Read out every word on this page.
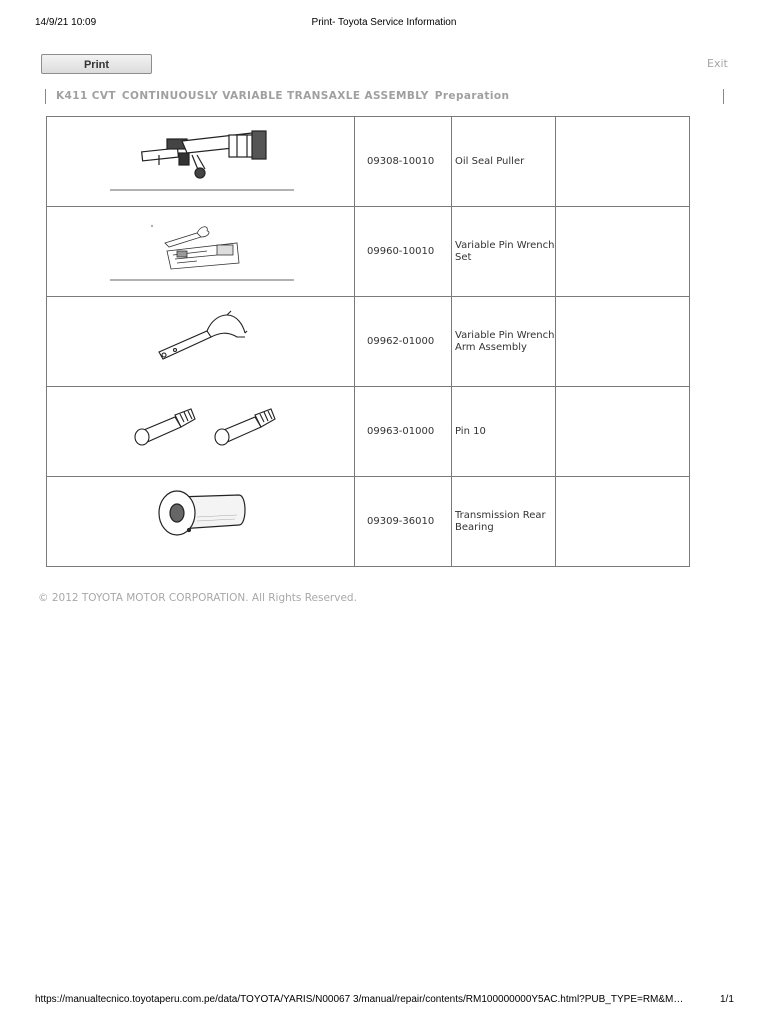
14/9/21 10:09	Print- Toyota Service Information
Print	Exit
K411 CVT CONTINUOUSLY VARIABLE TRANSAXLE ASSEMBLY Preparation
	09308-10010	Oil Seal Puller	

	09960-10010	Variable Pin Wrench Set	

	09962-01000	Variable Pin Wrench Arm Assembly	

	09963-01000	Pin 10	

	09309-36010	Transmission Rear Bearing	
© 2012 TOYOTA MOTOR CORPORATION. All Rights Reserved.
https://manualtecnico.toyotaperu.com.pe/data/TOYOTA/YARIS/N00067 3/manual/repair/contents/RM100000000Y5AC.html?PUB_TYPE=RM&M…	1/1
